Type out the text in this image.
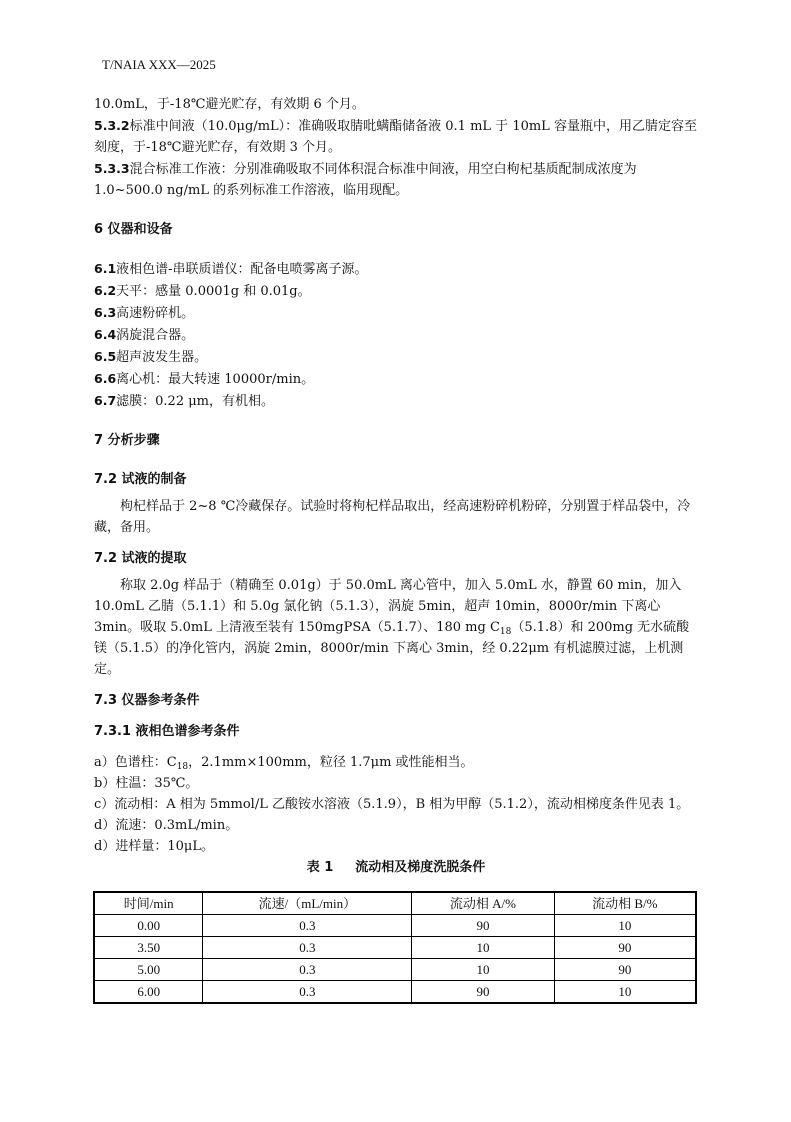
T/NAIA XXX—2025

10.0mL，于-18℃避光贮存，有效期 6 个月。

5.3.2标准中间液（10.0μg/mL）：准确吸取腈吡螨酯储备液 0.1 mL 于 10mL 容量瓶中，用乙腈定容至刻度，于-18℃避光贮存，有效期 3 个月。

5.3.3混合标准工作液：分别准确吸取不同体积混合标准中间液，用空白枸杞基质配制成浓度为 1.0~500.0 ng/mL 的系列标准工作溶液，临用现配。

6 仪器和设备

6.1液相色谱-串联质谱仪：配备电喷雾离子源。

6.2天平：感量 0.0001g 和 0.01g。

6.3高速粉碎机。

6.4涡旋混合器。

6.5超声波发生器。

6.6离心机：最大转速 10000r/min。

6.7滤膜：0.22 μm，有机相。

7 分析步骤

7.2 试液的制备

枸杞样品于 2~8 ℃冷藏保存。试验时将枸杞样品取出，经高速粉碎机粉碎，分别置于样品袋中，冷藏，备用。

7.2 试液的提取

称取 2.0g 样品于（精确至 0.01g）于 50.0mL 离心管中，加入 5.0mL 水，静置 60 min，加入 10.0mL 乙腈（5.1.1）和 5.0g 氯化钠（5.1.3），涡旋 5min，超声 10min，8000r/min 下离心 3min。吸取 5.0mL 上清液至装有 150mgPSA（5.1.7）、180 mg $C_{18}(5.1.8)$和 200mg 无水硫酸镁（5.1.5）的净化管内，涡旋 2min，8000r/min 下离心 3min，经 0.22μm 有机滤膜过滤，上机测定。

7.3 仪器参考条件

7.3.1 液相色谱参考条件

a）色谱柱：$C_{18}$，2.1mm×100mm，粒径 1.7μm 或性能相当。

b）柱温：35℃。

c）流动相：A 相为 5mmol/L 乙酸铵水溶液（5.1.9），B 相为甲醇（5.1.2），流动相梯度条件见表 1。

d）流速：0.3mL/min。

d）进样量：10μL。

表 1 流动相及梯度洗脱条件
时间/min	流速/（mL/min）	流动相 A/%	流动相 B/%
0.00	0.3	90	10
3.50	0.3	10	90
5.00	0.3	10	90
6.00	0.3	90	10
